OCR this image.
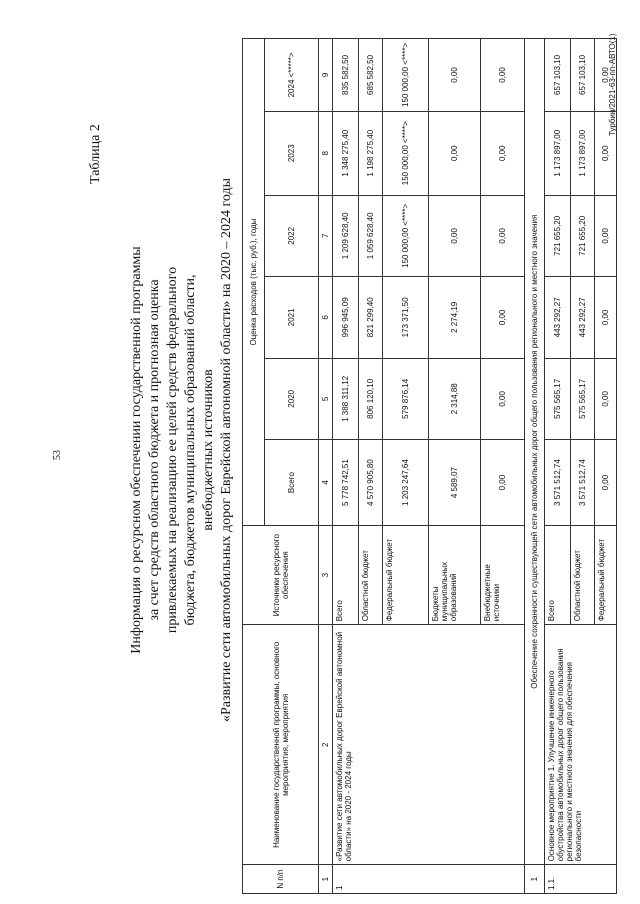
53
Таблица 2
Информация о ресурсном обеспечении государственной программы за счет средств областного бюджета и прогнозная оценка привлекаемых на реализацию ее целей средств федерального бюджета, бюджетов муниципальных образований области, внебюджетных источников «Развитие сети автомобильных дорог Еврейской автономной области» на 2020 – 2024 годы
N п/п	Наименование государственной программы, основного мероприятия, мероприятия	Источники ресурсного обеспечения	Оценка расходов (тыс. руб.), годы					
			Всего	2020	2021	2022	2023	2024 <*****>
1	2	3	4	5	6	7	8	9
1	«Развитие сети автомобильных дорог Еврейской автономной области» на 2020 - 2024 годы	Всего	5 778 742,51	1 388 311,12	996 945,09	1 209 628,40	1 348 275,40	835 582,50
		Областной бюджет	4 570 905,80	806 120,10	821 299,40	1 059 628,40	1 198 275,40	685 582,50
		Федеральный бюджет	1 203 247,64	579 876,14	173 371,50	150 000,00 <****>	150 000,00 <****>	150 000,00 <****>
		Бюджеты муниципальных образований	4 589,07	2 314,88	2 274,19	0,00	0,00	0,00
		Внебюджетные источники	0,00	0,00	0,00	0,00	0,00	0,00
1	Обеспечение сохранности существующей сети автомобильных дорог общего пользования регионального и местного значения							
1.1.	Основное мероприятие 1. Улучшение инженерного обустройства автомобильных дорог общего пользования регионального и местного значения для обеспечения безопасности	Всего	3 571 512,74	575 565,17	443 292,27	721 655,20	1 173 897,00	657 103,10
		Областной бюджет	3 571 512,74	575 565,17	443 292,27	721 655,20	1 173 897,00	657 103,10
		Федеральный бюджет	0,00	0,00	0,00	0,00	0,00	0,00
Турбин/2021-63-пп-АВТО(1)
